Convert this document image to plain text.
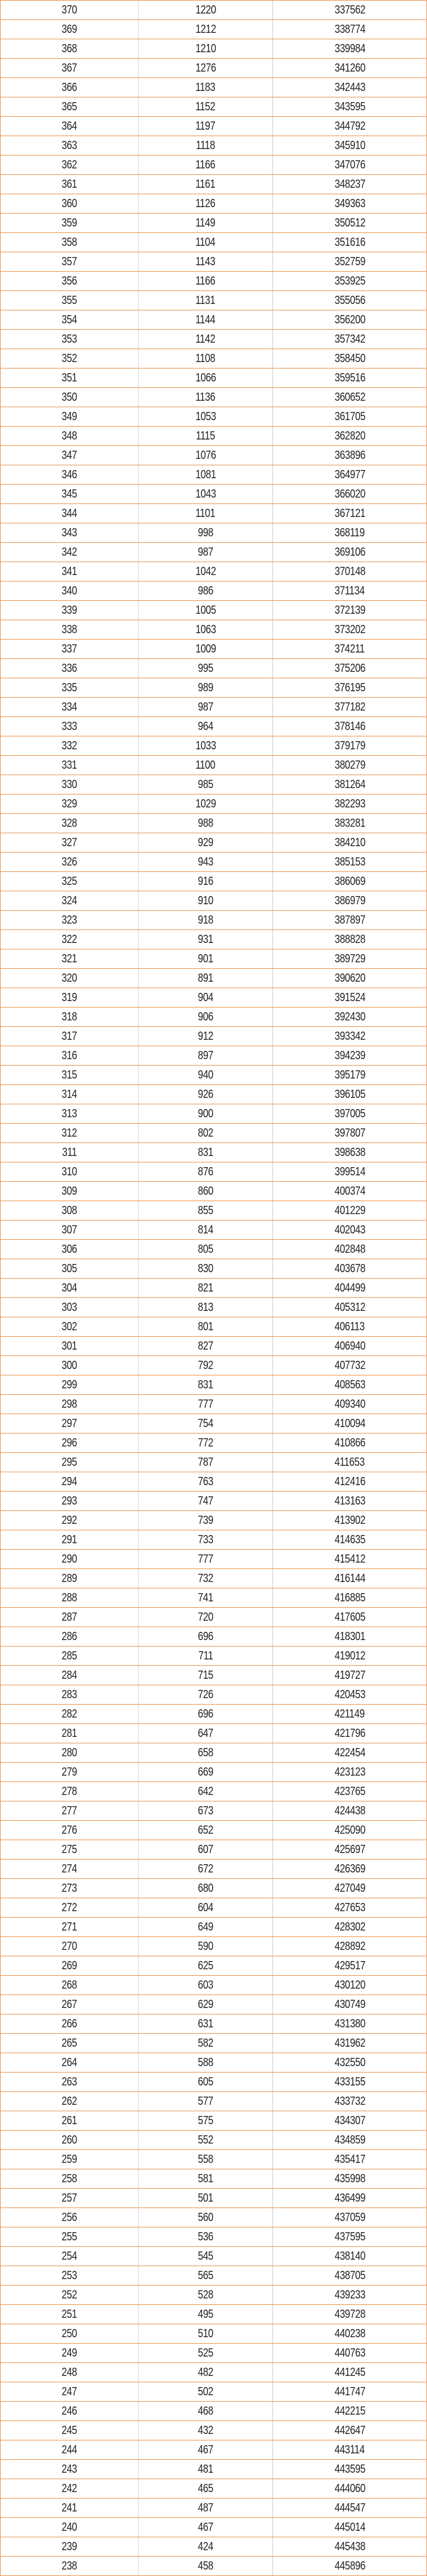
370	1220	337562
369	1212	338774
368	1210	339984
367	1276	341260
366	1183	342443
365	1152	343595
364	1197	344792
363	1118	345910
362	1166	347076
361	1161	348237
360	1126	349363
359	1149	350512
358	1104	351616
357	1143	352759
356	1166	353925
355	1131	355056
354	1144	356200
353	1142	357342
352	1108	358450
351	1066	359516
350	1136	360652
349	1053	361705
348	1115	362820
347	1076	363896
346	1081	364977
345	1043	366020
344	1101	367121
343	998	368119
342	987	369106
341	1042	370148
340	986	371134
339	1005	372139
338	1063	373202
337	1009	374211
336	995	375206
335	989	376195
334	987	377182
333	964	378146
332	1033	379179
331	1100	380279
330	985	381264
329	1029	382293
328	988	383281
327	929	384210
326	943	385153
325	916	386069
324	910	386979
323	918	387897
322	931	388828
321	901	389729
320	891	390620
319	904	391524
318	906	392430
317	912	393342
316	897	394239
315	940	395179
314	926	396105
313	900	397005
312	802	397807
311	831	398638
310	876	399514
309	860	400374
308	855	401229
307	814	402043
306	805	402848
305	830	403678
304	821	404499
303	813	405312
302	801	406113
301	827	406940
300	792	407732
299	831	408563
298	777	409340
297	754	410094
296	772	410866
295	787	411653
294	763	412416
293	747	413163
292	739	413902
291	733	414635
290	777	415412
289	732	416144
288	741	416885
287	720	417605
286	696	418301
285	711	419012
284	715	419727
283	726	420453
282	696	421149
281	647	421796
280	658	422454
279	669	423123
278	642	423765
277	673	424438
276	652	425090
275	607	425697
274	672	426369
273	680	427049
272	604	427653
271	649	428302
270	590	428892
269	625	429517
268	603	430120
267	629	430749
266	631	431380
265	582	431962
264	588	432550
263	605	433155
262	577	433732
261	575	434307
260	552	434859
259	558	435417
258	581	435998
257	501	436499
256	560	437059
255	536	437595
254	545	438140
253	565	438705
252	528	439233
251	495	439728
250	510	440238
249	525	440763
248	482	441245
247	502	441747
246	468	442215
245	432	442647
244	467	443114
243	481	443595
242	465	444060
241	487	444547
240	467	445014
239	424	445438
238	458	445896
